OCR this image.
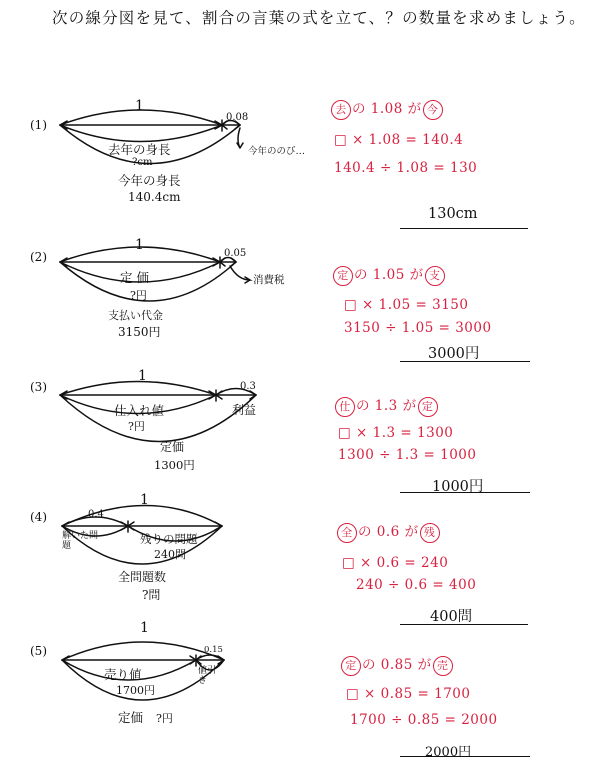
次の線分図を見て、割合の言葉の式を立て、？の数量を求めましょう。
(1)
1
0.08
去年の身長
?cm
今年ののび…
今年の身長
140.4cm
去 の 1.08 が 今
□ × 1.08 = 140.4
140.4 ÷ 1.08 = 130
130cm
(2)
1
0.05
定 価
?円
消費税
支払い代金
3150円
定 の 1.05 が 支
□ × 1.05 = 3150
3150 ÷ 1.05 = 3000
3000円
(3)
1
0.3
仕入れ値
?円
利益
定価
1300円
仕 の 1.3 が 定
□ × 1.3 = 1300
1300 ÷ 1.3 = 1000
1000円
(4)
1
0.4
解いた問題	残りの問題
240問
全問題数
?問
全 の 0.6 が 残
□ × 0.6 = 240
240 ÷ 0.6 = 400
400問
(5)
1
0.15
売り値
1700円
値引き
定価 ?円
定 の 0.85 が 売
□ × 0.85 = 1700
1700 ÷ 0.85 = 2000
2000円
